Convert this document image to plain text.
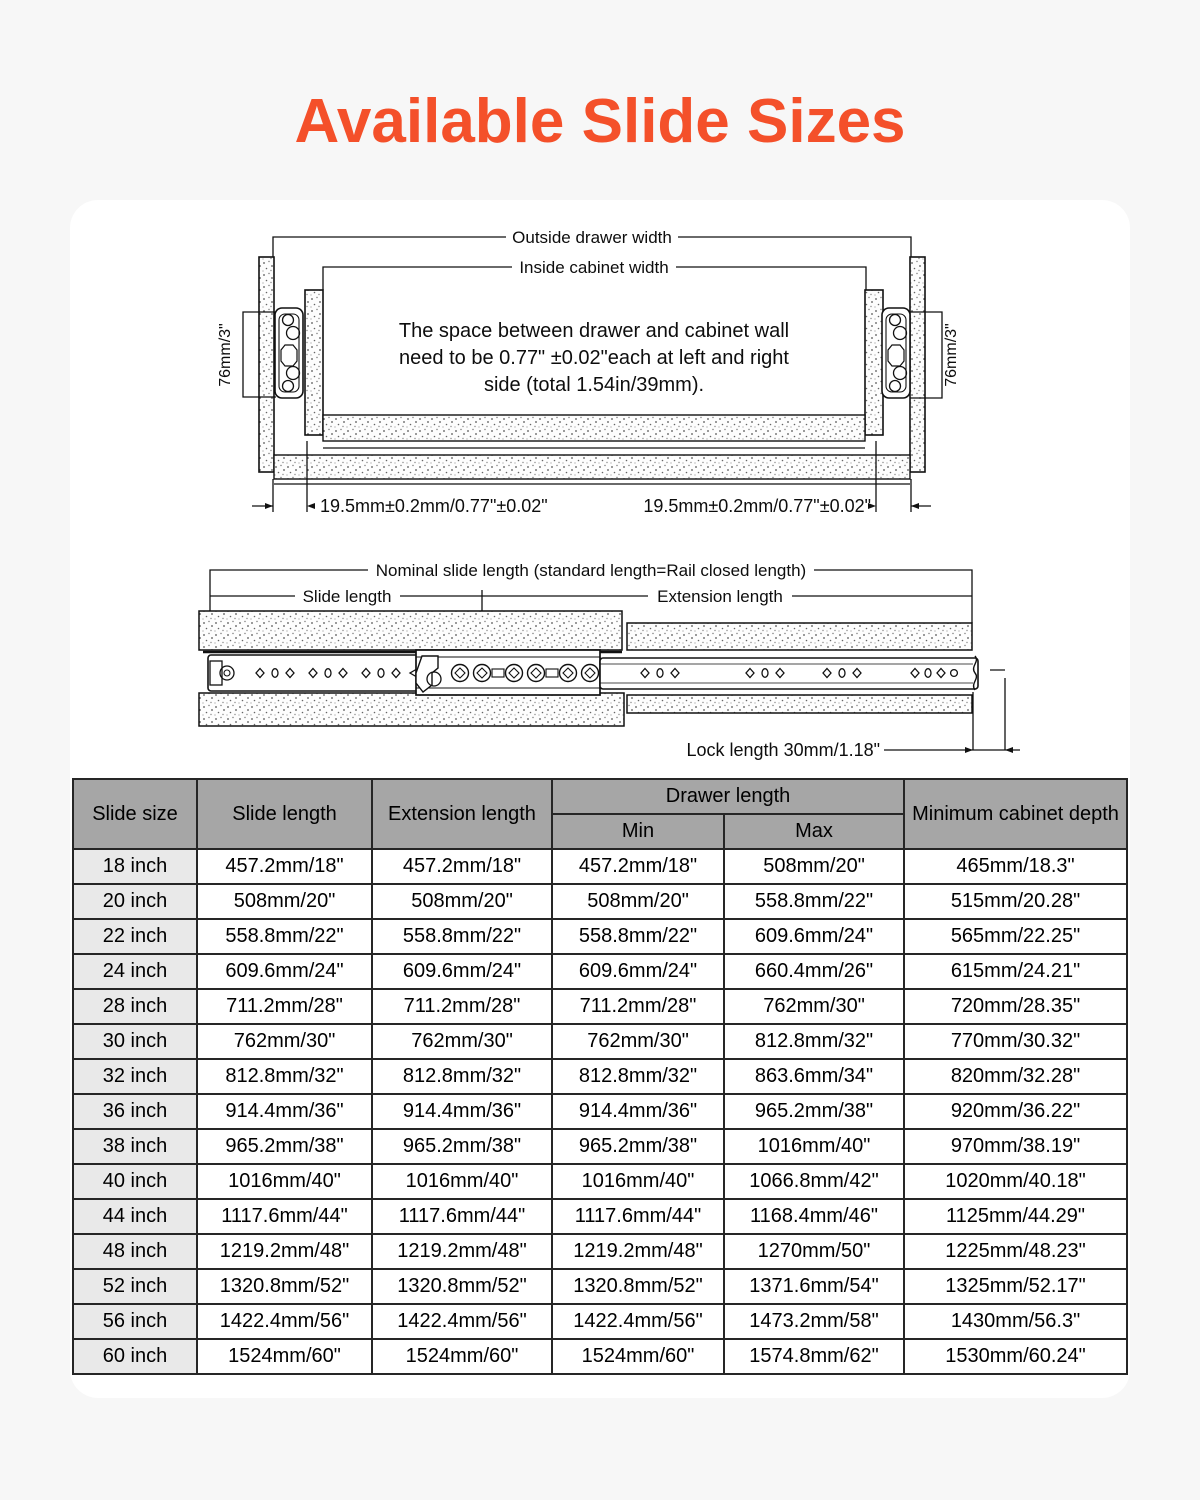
Available Slide Sizes
Outside drawer width
Inside cabinet width
76mm/3"	76mm/3"
The space between drawer and cabinet wall
need to be 0.77" ±0.02"each at left and right
side (total 1.54in/39mm).
19.5mm±0.2mm/0.77"±0.02"	19.5mm±0.2mm/0.77"±0.02"
Nominal slide length (standard length=Rail closed length)
Slide length	Extension length
Lock length 30mm/1.18"
Slide size	Slide length	Extension length	Drawer length		Minimum cabinet depth
			Min	Max	
18 inch	457.2mm/18"	457.2mm/18"	457.2mm/18"	508mm/20"	465mm/18.3"
20 inch	508mm/20"	508mm/20"	508mm/20"	558.8mm/22"	515mm/20.28"
22 inch	558.8mm/22"	558.8mm/22"	558.8mm/22"	609.6mm/24"	565mm/22.25"
24 inch	609.6mm/24"	609.6mm/24"	609.6mm/24"	660.4mm/26"	615mm/24.21"
28 inch	711.2mm/28"	711.2mm/28"	711.2mm/28"	762mm/30"	720mm/28.35"
30 inch	762mm/30"	762mm/30"	762mm/30"	812.8mm/32"	770mm/30.32"
32 inch	812.8mm/32"	812.8mm/32"	812.8mm/32"	863.6mm/34"	820mm/32.28"
36 inch	914.4mm/36"	914.4mm/36"	914.4mm/36"	965.2mm/38"	920mm/36.22"
38 inch	965.2mm/38"	965.2mm/38"	965.2mm/38"	1016mm/40"	970mm/38.19"
40 inch	1016mm/40"	1016mm/40"	1016mm/40"	1066.8mm/42"	1020mm/40.18"
44 inch	1117.6mm/44"	1117.6mm/44"	1117.6mm/44"	1168.4mm/46"	1125mm/44.29"
48 inch	1219.2mm/48"	1219.2mm/48"	1219.2mm/48"	1270mm/50"	1225mm/48.23"
52 inch	1320.8mm/52"	1320.8mm/52"	1320.8mm/52"	1371.6mm/54"	1325mm/52.17"
56 inch	1422.4mm/56"	1422.4mm/56"	1422.4mm/56"	1473.2mm/58"	1430mm/56.3"
60 inch	1524mm/60"	1524mm/60"	1524mm/60"	1574.8mm/62"	1530mm/60.24"
